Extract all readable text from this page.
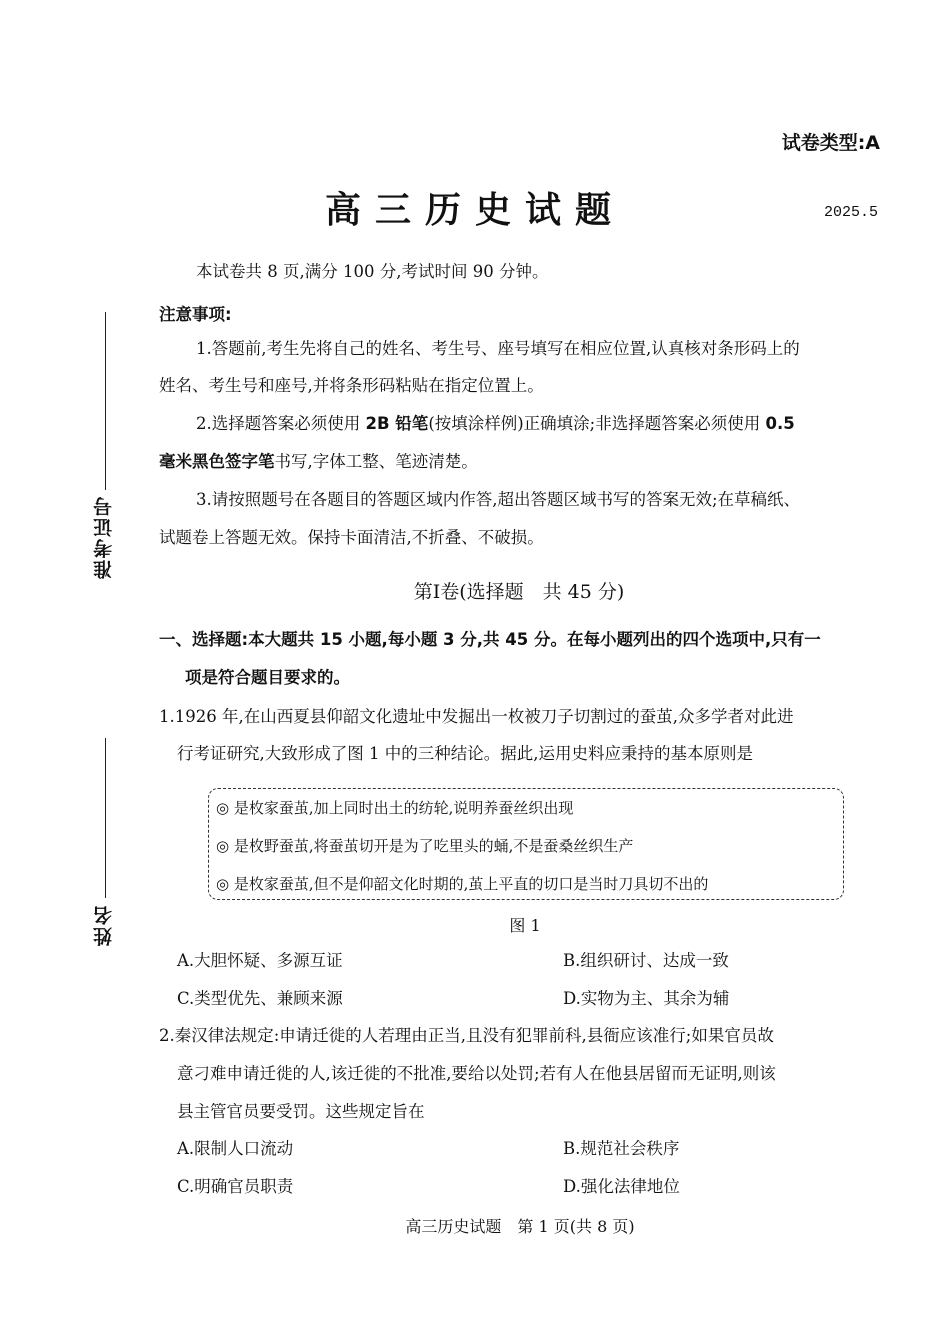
准考证号
姓名
试卷类型:A
高三历史试题	2025.5
本试卷共 8 页,满分 100 分,考试时间 90 分钟。
注意事项:
1.答题前,考生先将自己的姓名、考生号、座号填写在相应位置,认真核对条形码上的
姓名、考生号和座号,并将条形码粘贴在指定位置上。
2.选择题答案必须使用 2B 铅笔(按填涂样例)正确填涂;非选择题答案必须使用 0.5
毫米黑色签字笔书写,字体工整、笔迹清楚。
3.请按照题号在各题目的答题区域内作答,超出答题区域书写的答案无效;在草稿纸、
试题卷上答题无效。保持卡面清洁,不折叠、不破损。
第Ⅰ卷(选择题　共 45 分)
一、选择题:本大题共 15 小题,每小题 3 分,共 45 分。在每小题列出的四个选项中,只有一
项是符合题目要求的。
1.1926 年,在山西夏县仰韶文化遗址中发掘出一枚被刀子切割过的蚕茧,众多学者对此进
行考证研究,大致形成了图 1 中的三种结论。据此,运用史料应秉持的基本原则是
◎ 是枚家蚕茧,加上同时出土的纺轮,说明养蚕丝织出现
◎ 是枚野蚕茧,将蚕茧切开是为了吃里头的蛹,不是蚕桑丝织生产
◎ 是枚家蚕茧,但不是仰韶文化时期的,茧上平直的切口是当时刀具切不出的
图 1
A.大胆怀疑、多源互证	B.组织研讨、达成一致
C.类型优先、兼顾来源	D.实物为主、其余为辅
2.秦汉律法规定:申请迁徙的人若理由正当,且没有犯罪前科,县衙应该准行;如果官员故
意刁难申请迁徙的人,该迁徙的不批准,要给以处罚;若有人在他县居留而无证明,则该
县主管官员要受罚。这些规定旨在
A.限制人口流动	B.规范社会秩序
C.明确官员职责	D.强化法律地位
高三历史试题　第 1 页(共 8 页)
